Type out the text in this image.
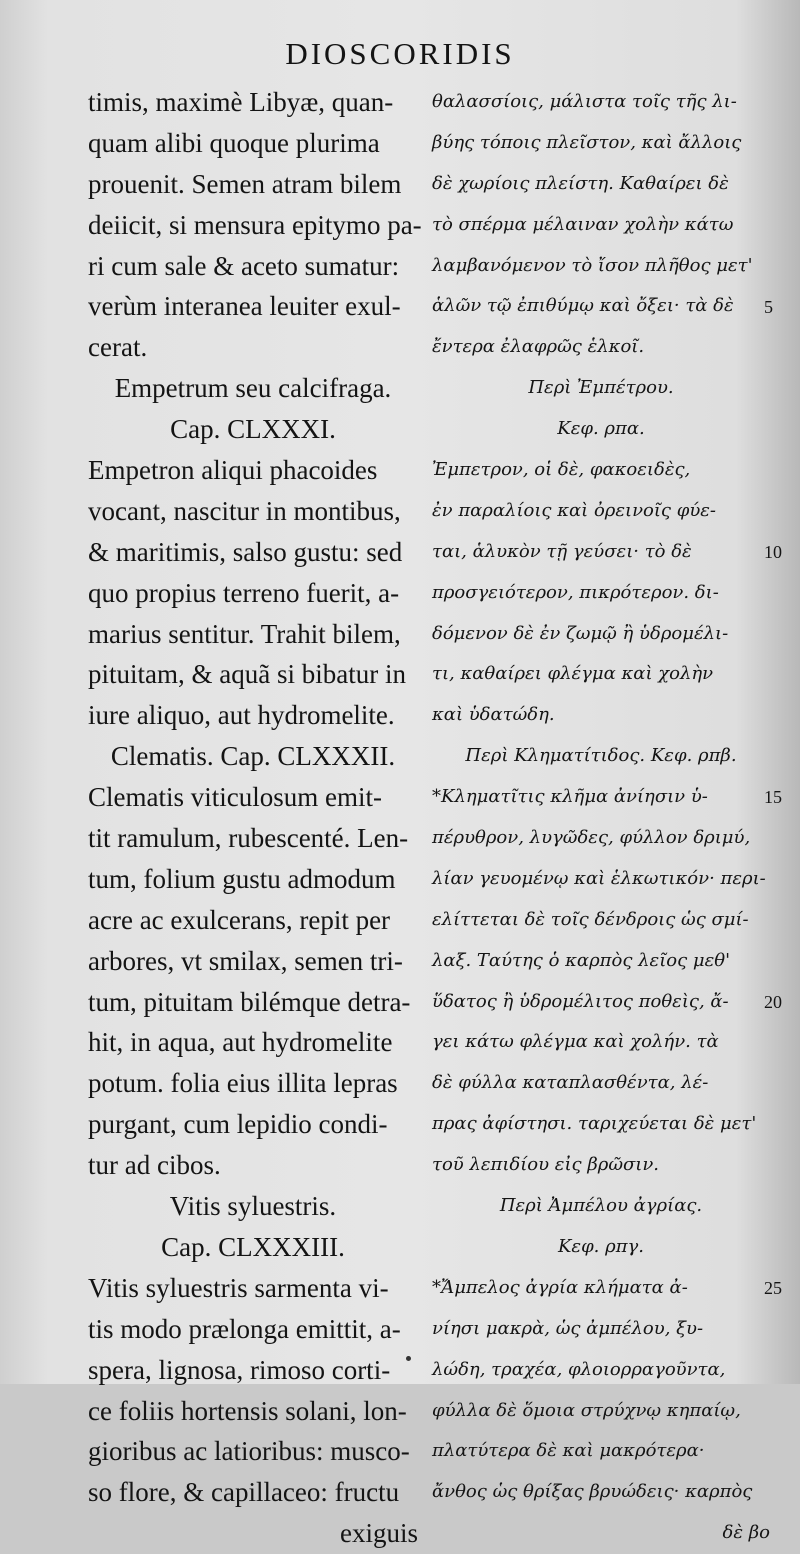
DIOSCORIDIS
timis, maximè Libyæ, quan-
quam alibi quoque plurima
prouenit. Semen atram bilem
deiicit, si mensura epitymo pa-
ri cum sale & aceto sumatur:
verùm interanea leuiter exul-
cerat.
Empetrum seu calcifraga.
Cap. CLXXXI.
Empetron aliqui phacoides
vocant, nascitur in montibus,
& maritimis, salso gustu: sed
quo propius terreno fuerit, a-
marius sentitur. Trahit bilem,
pituitam, & aquã si bibatur in
iure aliquo, aut hydromelite.
Clematis. Cap. CLXXXII.
Clematis viticulosum emit-
tit ramulum, rubescenté. Len-
tum, folium gustu admodum
acre ac exulcerans, repit per
arbores, vt smilax, semen tri-
tum, pituitam bilémque detra-
hit, in aqua, aut hydromelite
potum. folia eius illita lepras
purgant, cum lepidio condi-
tur ad cibos.
Vitis syluestris.
Cap. CLXXXIII.
Vitis syluestris sarmenta vi-
tis modo prælonga emittit, a-
spera, lignosa, rimoso corti-
ce foliis hortensis solani, lon-
gioribus ac latioribus: musco-
so flore, & capillaceo: fructu
exiguis
θαλασσίοις, μάλιστα τοῖς τῆς λι-
βύης τόποις πλεῖστον, καὶ ἄλλοις
δὲ χωρίοις πλείστη. Καθαίρει δὲ
τὸ σπέρμα μέλαιναν χολὴν κάτω
λαμβανόμενον τὸ ἴσον πλῆθος μετ'
ἁλῶν τῷ ἐπιθύμῳ καὶ ὄξει· τὰ δὲ
ἔντερα ἐλαφρῶς ἑλκοῖ.
Περὶ Ἐμπέτρου.
Κεφ. ρπα.
Ἐμπετρον, οἱ δὲ, φακοειδὲς,
ἐν παραλίοις καὶ ὀρεινοῖς φύε-
ται, ἁλυκὸν τῇ γεύσει· τὸ δὲ
προσγειότερον, πικρότερον. δι-
δόμενον δὲ ἐν ζωμῷ ἢ ὑδρομέλι-
τι, καθαίρει φλέγμα καὶ χολὴν
καὶ ὑδατώδη.
Περὶ Κληματίτιδος. Κεφ. ρπβ.
*Κληματῖτις κλῆμα ἀνίησιν ὑ-
πέρυθρον, λυγῶδες, φύλλον δριμύ,
λίαν γευομένῳ καὶ ἑλκωτικόν· περι-
ελίττεται δὲ τοῖς δένδροις ὡς σμί-
λαξ. Ταύτης ὁ καρπὸς λεῖος μεθ'
ὕδατος ἢ ὑδρομέλιτος ποθεὶς, ἄ-
γει κάτω φλέγμα καὶ χολήν. τὰ
δὲ φύλλα καταπλασθέντα, λέ-
πρας ἀφίστησι. ταριχεύεται δὲ μετ'
τοῦ λεπιδίου εἰς βρῶσιν.
Περὶ Ἀμπέλου ἀγρίας.
Κεφ. ρπγ.
*Ἄμπελος ἀγρία κλήματα ἀ-
νίησι μακρὰ, ὡς ἀμπέλου, ξυ-
λώδη, τραχέα, φλοιορραγοῦντα,
φύλλα δὲ ὅμοια στρύχνῳ κηπαίῳ,
πλατύτερα δὲ καὶ μακρότερα·
ἄνθος ὡς θρίξας βρυώδεις· καρπὸς
δὲ βο
5
10
15
20
25
